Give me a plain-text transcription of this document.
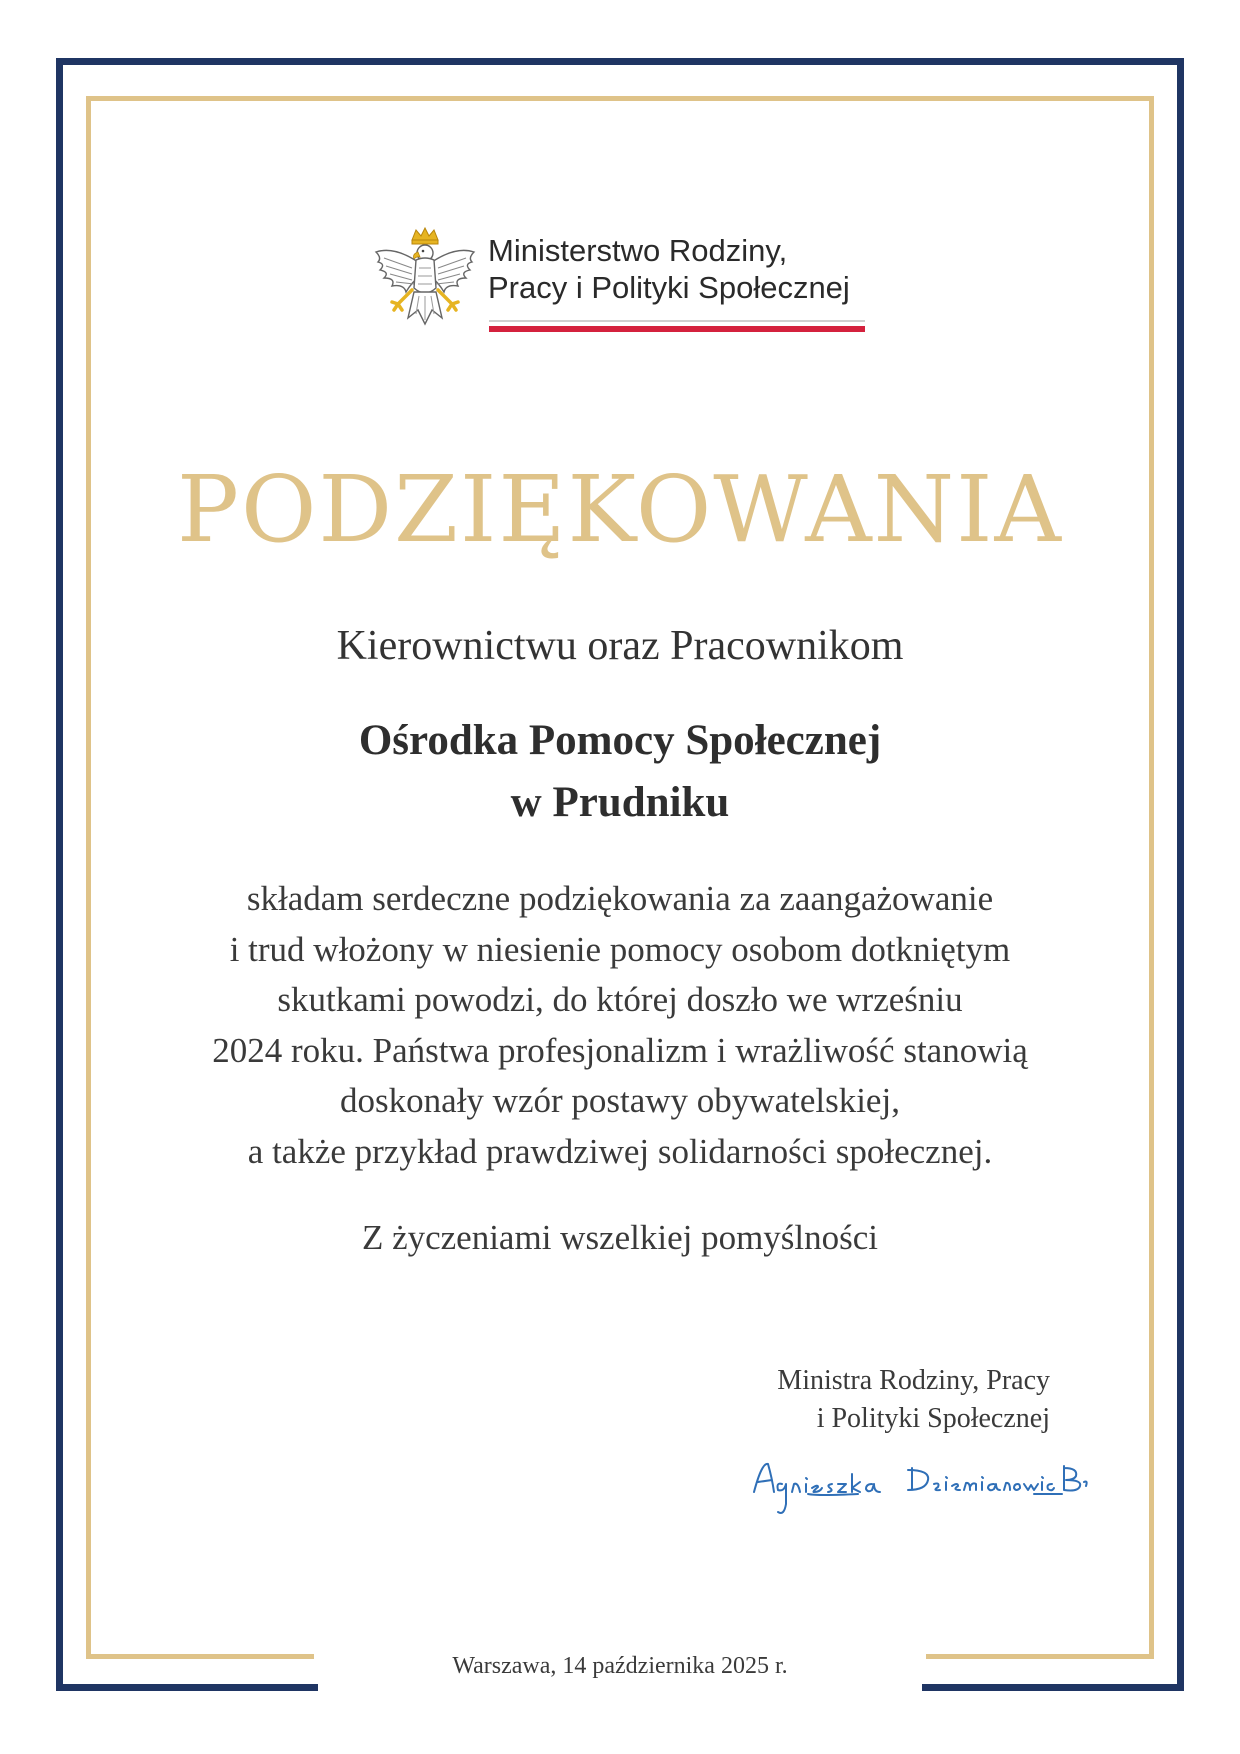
Ministerstwo Rodziny,
Pracy i Polityki Społecznej
PODZIĘKOWANIA
Kierownictwu oraz Pracownikom
Ośrodka Pomocy Społecznej
w Prudniku
składam serdeczne podziękowania za zaangażowanie
i trud włożony w niesienie pomocy osobom dotkniętym
skutkami powodzi, do której doszło we wrześniu
2024 roku. Państwa profesjonalizm i wrażliwość stanowią
doskonały wzór postawy obywatelskiej,
a także przykład prawdziwej solidarności społecznej.
Z życzeniami wszelkiej pomyślności
Ministra Rodziny, Pracy
i Polityki Społecznej
Warszawa, 14 października 2025 r.
